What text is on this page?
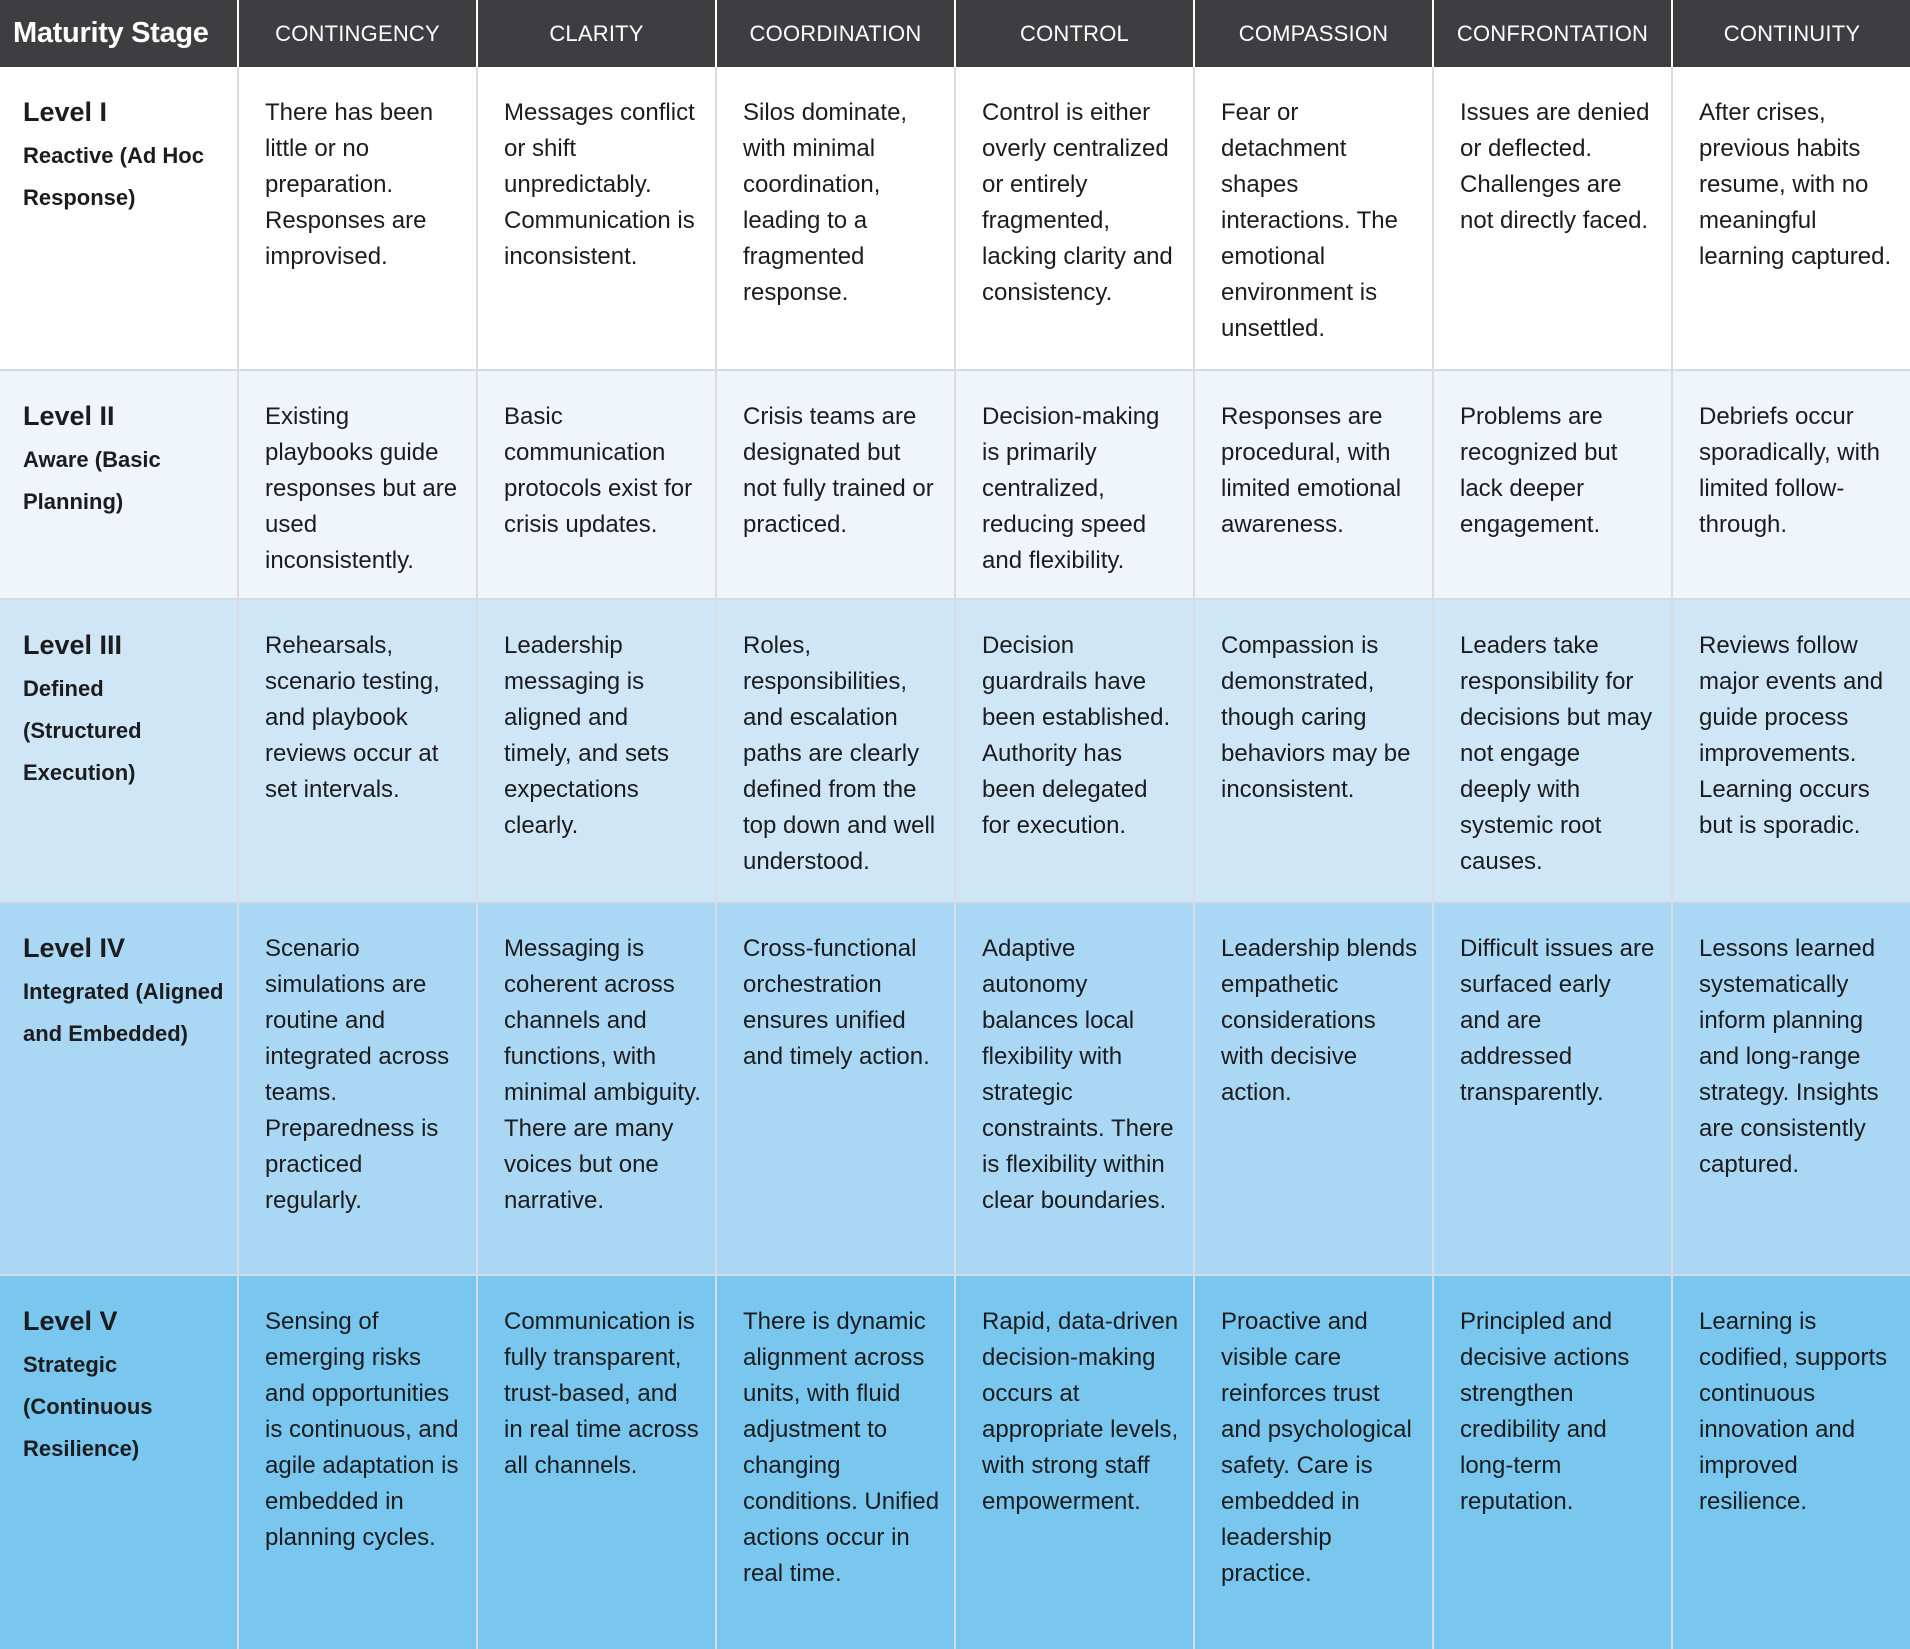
Maturity Stage	CONTINGENCY	CLARITY	COORDINATION	CONTROL	COMPASSION	CONFRONTATION	CONTINUITY

Level I
Reactive (Ad Hoc Response)	There has been little or no preparation. Responses are improvised.	Messages conflict or shift unpredictably. Communication is inconsistent.	Silos dominate, with minimal coordination, leading to a fragmented response.	Control is either overly centralized or entirely fragmented, lacking clarity and consistency.	Fear or detachment shapes interactions. The emotional environment is unsettled.	Issues are denied or deflected. Challenges are not directly faced.	After crises, previous habits resume, with no meaningful learning captured.

Level II
Aware (Basic Planning)	Existing playbooks guide responses but are used inconsistently.	Basic communication protocols exist for crisis updates.	Crisis teams are designated but not fully trained or practiced.	Decision-making is primarily centralized, reducing speed and flexibility.	Responses are procedural, with limited emotional awareness.	Problems are recognized but lack deeper engagement.	Debriefs occur sporadically, with limited follow-through.

Level III
Defined (Structured Execution)	Rehearsals, scenario testing, and playbook reviews occur at set intervals.	Leadership messaging is aligned and timely, and sets expectations clearly.	Roles, responsibilities, and escalation paths are clearly defined from the top down and well understood.	Decision guardrails have been established. Authority has been delegated for execution.	Compassion is demonstrated, though caring behaviors may be inconsistent.	Leaders take responsibility for decisions but may not engage deeply with systemic root causes.	Reviews follow major events and guide process improvements. Learning occurs but is sporadic.

Level IV
Integrated (Aligned and Embedded)	Scenario simulations are routine and integrated across teams. Preparedness is practiced regularly.	Messaging is coherent across channels and functions, with minimal ambiguity. There are many voices but one narrative.	Cross-functional orchestration ensures unified and timely action.	Adaptive autonomy balances local flexibility with strategic constraints. There is flexibility within clear boundaries.	Leadership blends empathetic considerations with decisive action.	Difficult issues are surfaced early and are addressed transparently.	Lessons learned systematically inform planning and long-range strategy. Insights are consistently captured.

Level V
Strategic (Continuous Resilience)	Sensing of emerging risks and opportunities is continuous, and agile adaptation is embedded in planning cycles.	Communication is fully transparent, trust-based, and in real time across all channels.	There is dynamic alignment across units, with fluid adjustment to changing conditions. Unified actions occur in real time.	Rapid, data-driven decision-making occurs at appropriate levels, with strong staff empowerment.	Proactive and visible care reinforces trust and psychological safety. Care is embedded in leadership practice.	Principled and decisive actions strengthen credibility and long-term reputation.	Learning is codified, supports continuous innovation and improved resilience.
